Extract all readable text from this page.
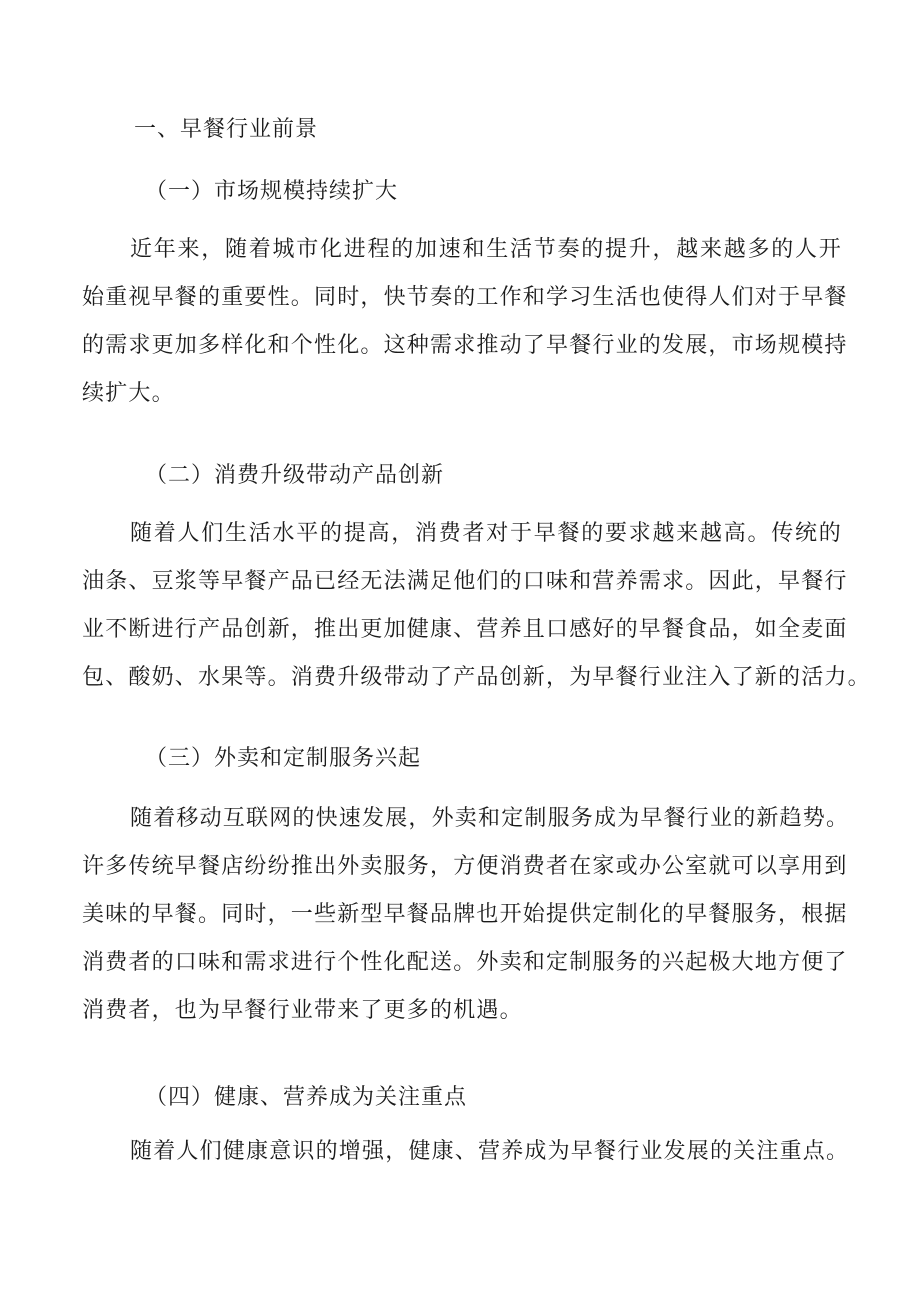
一、早餐行业前景
（一）市场规模持续扩大
近年来，随着城市化进程的加速和生活节奏的提升，越来越多的人开
始重视早餐的重要性。同时，快节奏的工作和学习生活也使得人们对于早餐
的需求更加多样化和个性化。这种需求推动了早餐行业的发展，市场规模持
续扩大。
（二）消费升级带动产品创新
随着人们生活水平的提高，消费者对于早餐的要求越来越高。传统的
油条、豆浆等早餐产品已经无法满足他们的口味和营养需求。因此，早餐行
业不断进行产品创新，推出更加健康、营养且口感好的早餐食品，如全麦面
包、酸奶、水果等。消费升级带动了产品创新，为早餐行业注入了新的活力。
（三）外卖和定制服务兴起
随着移动互联网的快速发展，外卖和定制服务成为早餐行业的新趋势。
许多传统早餐店纷纷推出外卖服务，方便消费者在家或办公室就可以享用到
美味的早餐。同时，一些新型早餐品牌也开始提供定制化的早餐服务，根据
消费者的口味和需求进行个性化配送。外卖和定制服务的兴起极大地方便了
消费者，也为早餐行业带来了更多的机遇。
（四）健康、营养成为关注重点
随着人们健康意识的增强，健康、营养成为早餐行业发展的关注重点。
